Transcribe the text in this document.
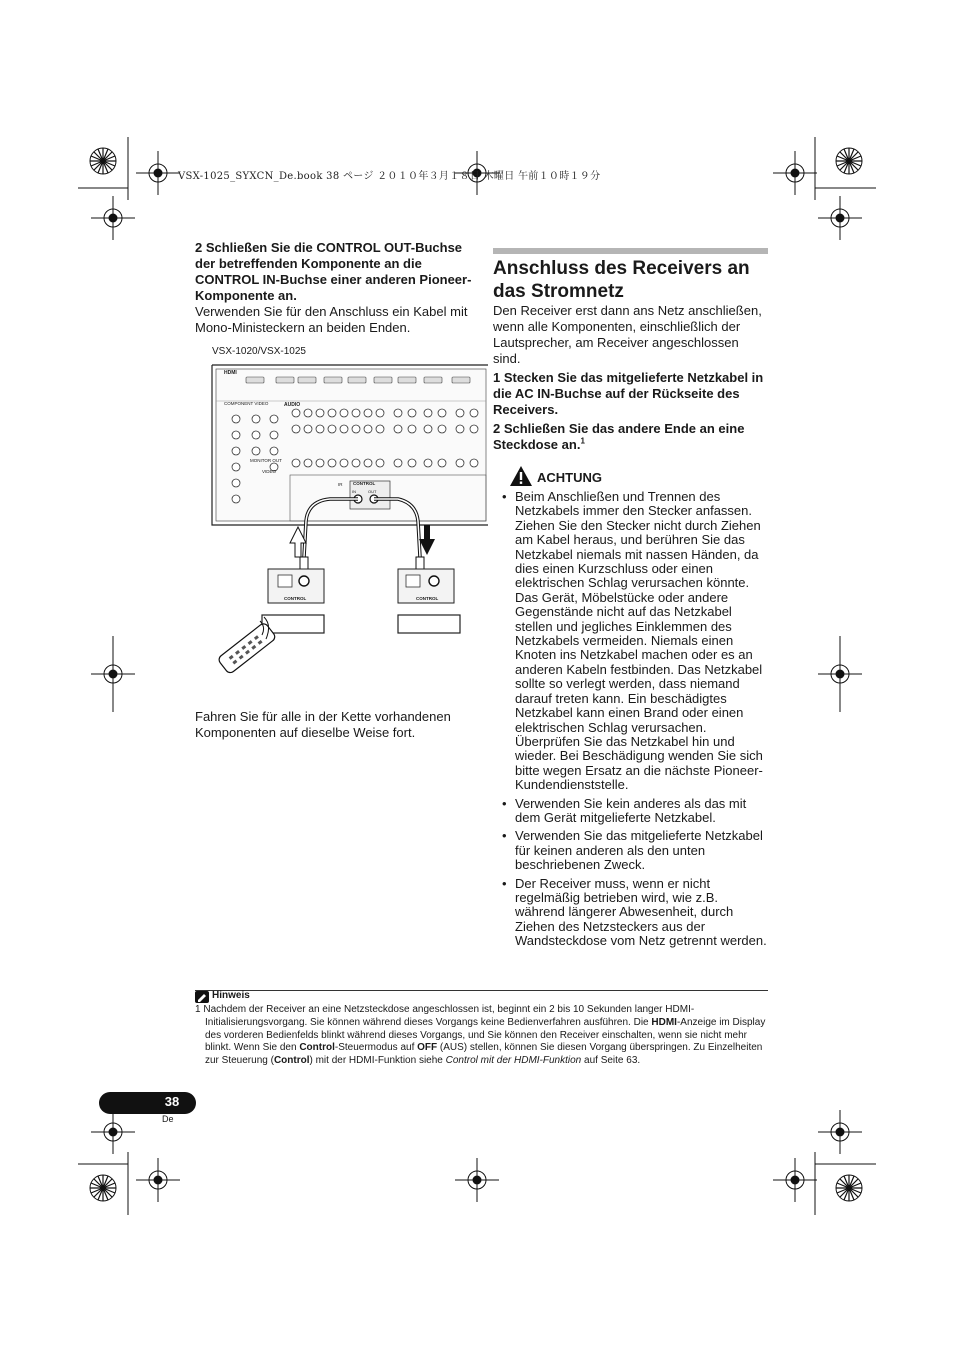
VSX-1025_SYXCN_De.book 38 ページ ２０１０年３月１８日 木曜日 午前１０時１９分
2 Schließen Sie die CONTROL OUT-Buchse der betreffenden Komponente an die CONTROL IN-Buchse einer anderen Pioneer-Komponente an.
Verwenden Sie für den Anschluss ein Kabel mit Mono-Ministeckern an beiden Enden.
VSX-1020/VSX-1025
HDMI
COMPONENT VIDEO	AUDIO
MONITOR OUT
VIDEO
CONTROL
IR
IN	OUT
CONTROL	CONTROL
Fahren Sie für alle in der Kette vorhandenen Komponenten auf dieselbe Weise fort.
Anschluss des Receivers an das Stromnetz
Den Receiver erst dann ans Netz anschließen, wenn alle Komponenten, einschließlich der Lautsprecher, am Receiver angeschlossen sind.
1 Stecken Sie das mitgelieferte Netzkabel in die AC IN-Buchse auf der Rückseite des Receivers.
2 Schließen Sie das andere Ende an eine Steckdose an.$^1$
ACHTUNG
• Beim Anschließen und Trennen des Netzkabels immer den Stecker anfassen. Ziehen Sie den Stecker nicht durch Ziehen am Kabel heraus, und berühren Sie das Netzkabel niemals mit nassen Händen, da dies einen Kurzschluss oder einen elektrischen Schlag verursachen könnte. Das Gerät, Möbelstücke oder andere Gegenstände nicht auf das Netzkabel stellen und jegliches Einklemmen des Netzkabels vermeiden. Niemals einen Knoten ins Netzkabel machen oder es an anderen Kabeln festbinden. Das Netzkabel sollte so verlegt werden, dass niemand darauf treten kann. Ein beschädigtes Netzkabel kann einen Brand oder einen elektrischen Schlag verursachen. Überprüfen Sie das Netzkabel hin und wieder. Bei Beschädigung wenden Sie sich bitte wegen Ersatz an die nächste Pioneer-Kundendienststelle.
• Verwenden Sie kein anderes als das mit dem Gerät mitgelieferte Netzkabel.
• Verwenden Sie das mitgelieferte Netzkabel für keinen anderen als den unten beschriebenen Zweck.
• Der Receiver muss, wenn er nicht regelmäßig betrieben wird, wie z.B. während längerer Abwesenheit, durch Ziehen des Netzsteckers aus der Wandsteckdose vom Netz getrennt werden.
Hinweis
1 Nachdem der Receiver an eine Netzsteckdose angeschlossen ist, beginnt ein 2 bis 10 Sekunden langer HDMI-Initialisierungsvorgang. Sie können während dieses Vorgangs keine Bedienverfahren ausführen. Die HDMI-Anzeige im Display des vorderen Bedienfelds blinkt während dieses Vorgangs, und Sie können den Receiver einschalten, wenn sie nicht mehr blinkt. Wenn Sie den Control-Steuermodus auf OFF (AUS) stellen, können Sie diesen Vorgang überspringen. Zu Einzelheiten zur Steuerung (Control) mit der HDMI-Funktion siehe Control mit der HDMI-Funktion auf Seite 63.
38
De
